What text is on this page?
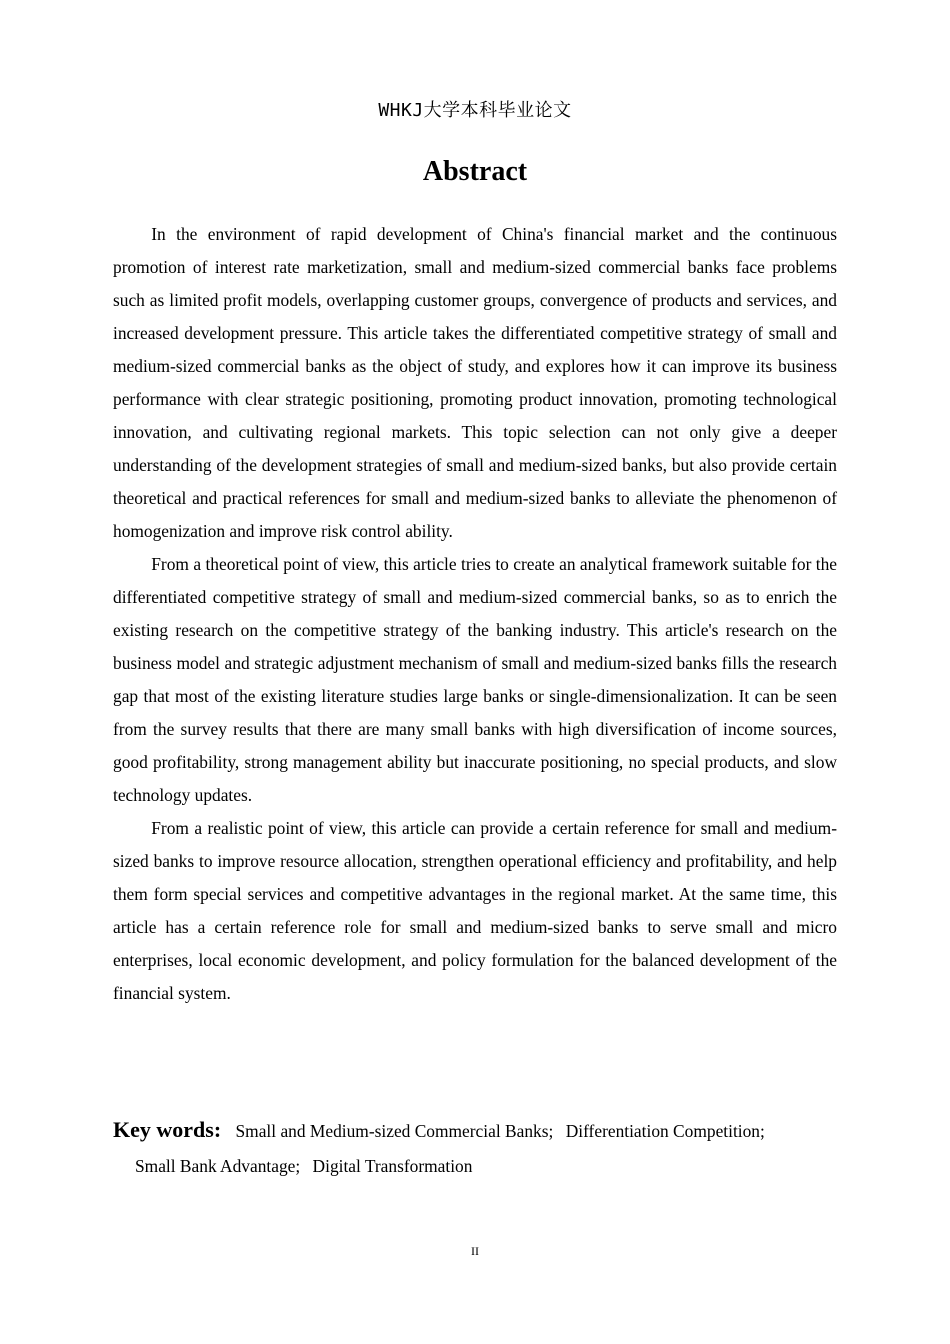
WHKJ大学本科毕业论文
Abstract

In the environment of rapid development of China's financial market and the continuous promotion of interest rate marketization, small and medium-sized commercial banks face problems such as limited profit models, overlapping customer groups, convergence of products and services, and increased development pressure. This article takes the differentiated competitive strategy of small and medium-sized commercial banks as the object of study, and explores how it can improve its business performance with clear strategic positioning, promoting product innovation, promoting technological innovation, and cultivating regional markets. This topic selection can not only give a deeper understanding of the development strategies of small and medium-sized banks, but also provide certain theoretical and practical references for small and medium-sized banks to alleviate the phenomenon of homogenization and improve risk control ability.

From a theoretical point of view, this article tries to create an analytical framework suitable for the differentiated competitive strategy of small and medium-sized commercial banks, so as to enrich the existing research on the competitive strategy of the banking industry. This article's research on the business model and strategic adjustment mechanism of small and medium-sized banks fills the research gap that most of the existing literature studies large banks or single-dimensionalization. It can be seen from the survey results that there are many small banks with high diversification of income sources, good profitability, strong management ability but inaccurate positioning, no special products, and slow technology updates.

From a realistic point of view, this article can provide a certain reference for small and medium-sized banks to improve resource allocation, strengthen operational efficiency and profitability, and help them form special services and competitive advantages in the regional market. At the same time, this article has a certain reference role for small and medium-sized banks to serve small and micro enterprises, local economic development, and policy formulation for the balanced development of the financial system.

Key words: Small and Medium-sized Commercial Banks; Differentiation Competition;
Small Bank Advantage; Digital Transformation
II
